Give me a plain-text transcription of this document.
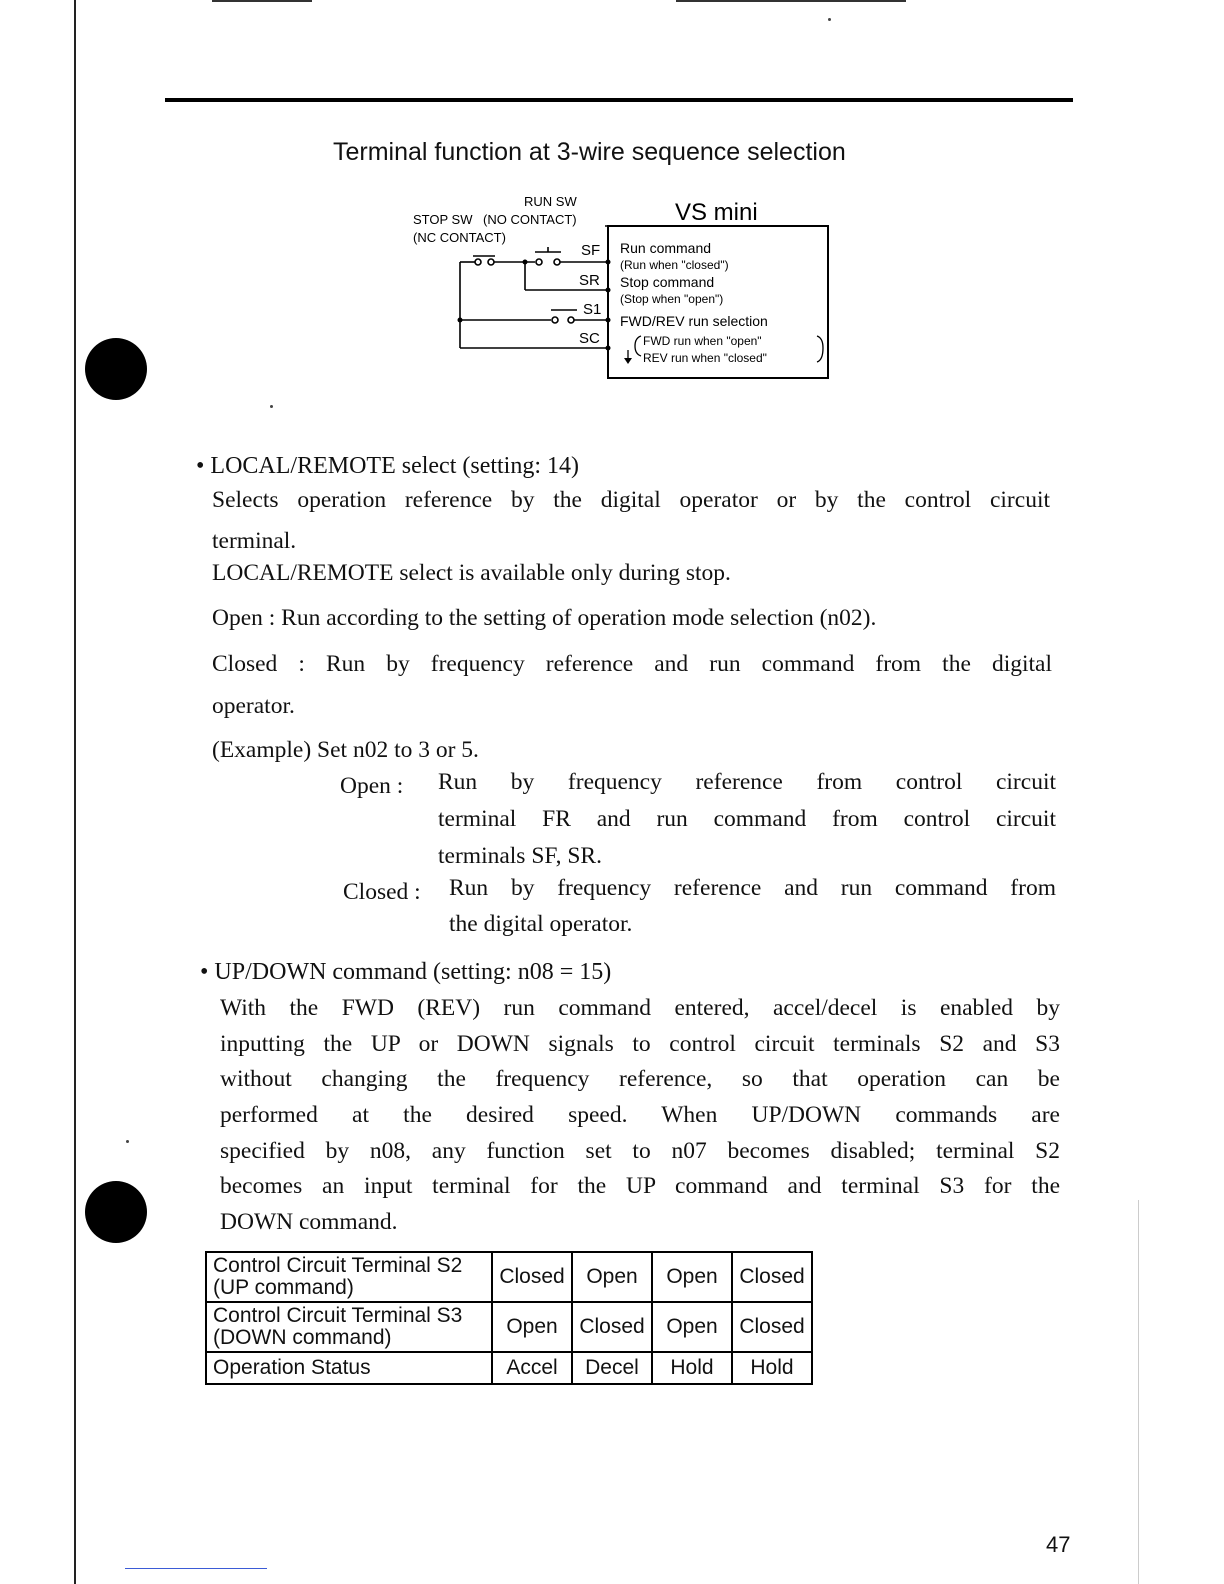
Terminal function at 3-wire sequence selection
RUN SW
STOP SW (NO CONTACT)
(NC CONTACT)
VS mini
SF
SR
S1
SC
Run command
(Run when "closed")
Stop command
(Stop when "open")
FWD/REV run selection
FWD run when "open"
REV run when "closed"
• LOCAL/REMOTE select (setting: 14)
Selects operation reference by the digital operator or by the control circuit
terminal.
LOCAL/REMOTE select is available only during stop.
Open : Run according to the setting of operation mode selection (n02).
Closed : Run by frequency reference and run command from the digital
operator.
(Example) Set n02 to 3 or 5.
Open : Run by frequency reference from control circuit
terminal FR and run command from control circuit
terminals SF, SR.
Closed : Run by frequency reference and run command from
the digital operator.
• UP/DOWN command (setting: n08 = 15)
With the FWD (REV) run command entered, accel/decel is enabled by
inputting the UP or DOWN signals to control circuit terminals S2 and S3
without changing the frequency reference, so that operation can be
performed at the desired speed. When UP/DOWN commands are
specified by n08, any function set to n07 becomes disabled; terminal S2
becomes an input terminal for the UP command and terminal S3 for the
DOWN command.
Control Circuit Terminal S2
(UP command)	Closed	Open	Open	Closed

Control Circuit Terminal S3
(DOWN command)	Open	Closed	Open	Closed

Operation Status	Accel	Decel	Hold	Hold
47
